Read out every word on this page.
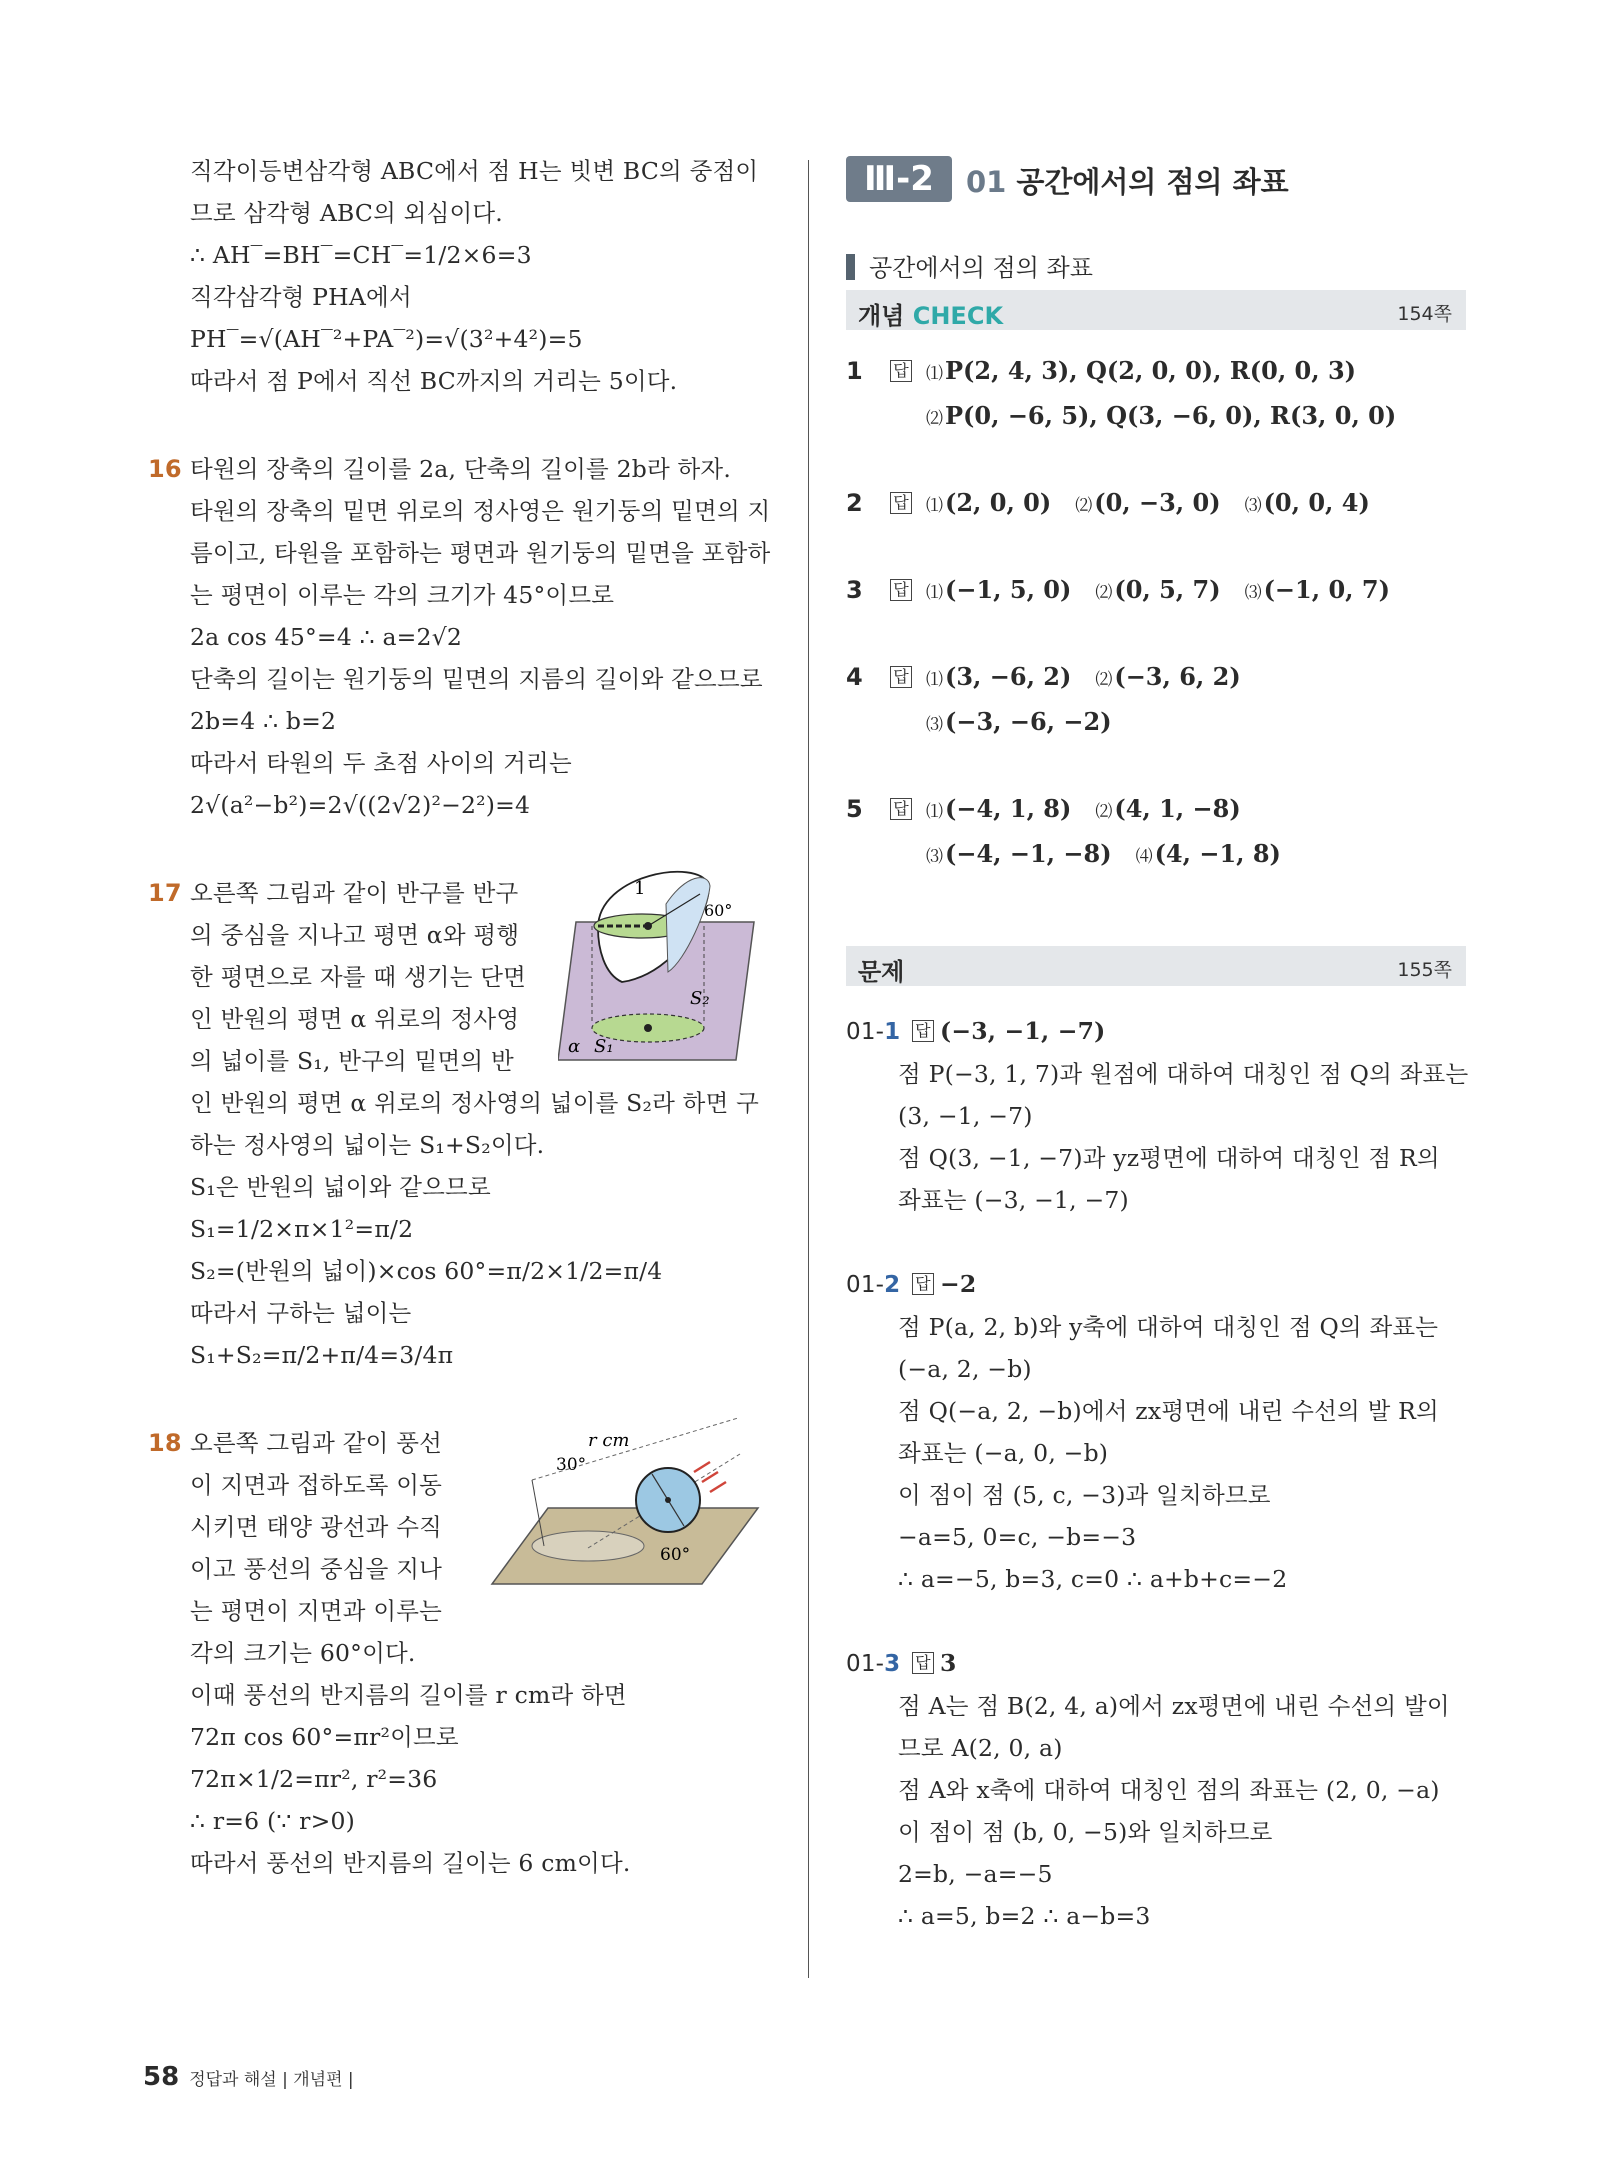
직각이등변삼각형 ABC에서 점 H는 빗변 BC의 중점이
므로 삼각형 ABC의 외심이다.
∴ AH‾=BH‾=CH‾=1/2×6=3
직각삼각형 PHA에서
PH‾=√(AH‾²+PA‾²)=√(3²+4²)=5
따라서 점 P에서 직선 BC까지의 거리는 5이다.
16 타원의 장축의 길이를 2a, 단축의 길이를 2b라 하자.
타원의 장축의 밑면 위로의 정사영은 원기둥의 밑면의 지
름이고, 타원을 포함하는 평면과 원기둥의 밑면을 포함하
는 평면이 이루는 각의 크기가 45°이므로
2a cos 45°=4 ∴ a=2√2
단축의 길이는 원기둥의 밑면의 지름의 길이와 같으므로
2b=4 ∴ b=2
따라서 타원의 두 초점 사이의 거리는
2√(a²−b²)=2√((2√2)²−2²)=4
17 오른쪽 그림과 같이 반구를 반구
의 중심을 지나고 평면 α와 평행
한 평면으로 자를 때 생기는 단면
인 반원의 평면 α 위로의 정사영
의 넓이를 S₁, 반구의 밑면의 반
인 반원의 평면 α 위로의 정사영의 넓이를 S₂라 하면 구
하는 정사영의 넓이는 S₁+S₂이다.
S₁은 반원의 넓이와 같으므로
S₁=1/2×π×1²=π/2
S₂=(반원의 넓이)×cos 60°=π/2×1/2=π/4
따라서 구하는 넓이는
S₁+S₂=π/2+π/4=3/4π
1
60°
S₂
α S₁
18 오른쪽 그림과 같이 풍선
이 지면과 접하도록 이동
시키면 태양 광선과 수직
이고 풍선의 중심을 지나
는 평면이 지면과 이루는
각의 크기는 60°이다.
이때 풍선의 반지름의 길이를 r cm라 하면
72π cos 60°=πr²이므로
72π×1/2=πr², r²=36
∴ r=6 (∵ r>0)
따라서 풍선의 반지름의 길이는 6 cm이다.
r cm
30°
60°
Ⅲ-2	01 공간에서의 점의 좌표
공간에서의 점의 좌표
개념 CHECK	154쪽
1 답 ⑴P(2, 4, 3), Q(2, 0, 0), R(0, 0, 3)
⑵P(0, −6, 5), Q(3, −6, 0), R(3, 0, 0)
2 답 ⑴(2, 0, 0) ⑵(0, −3, 0) ⑶(0, 0, 4)
3 답 ⑴(−1, 5, 0) ⑵(0, 5, 7) ⑶(−1, 0, 7)
4 답 ⑴(3, −6, 2) ⑵(−3, 6, 2)
⑶(−3, −6, −2)
5 답 ⑴(−4, 1, 8) ⑵(4, 1, −8)
⑶(−4, −1, −8) ⑷(4, −1, 8)
문제	155쪽
01-1 답 (−3, −1, −7)
점 P(−3, 1, 7)과 원점에 대하여 대칭인 점 Q의 좌표는
(3, −1, −7)
점 Q(3, −1, −7)과 yz평면에 대하여 대칭인 점 R의
좌표는 (−3, −1, −7)
01-2 답 −2
점 P(a, 2, b)와 y축에 대하여 대칭인 점 Q의 좌표는
(−a, 2, −b)
점 Q(−a, 2, −b)에서 zx평면에 내린 수선의 발 R의
좌표는 (−a, 0, −b)
이 점이 점 (5, c, −3)과 일치하므로
−a=5, 0=c, −b=−3
∴ a=−5, b=3, c=0 ∴ a+b+c=−2
01-3 답 3
점 A는 점 B(2, 4, a)에서 zx평면에 내린 수선의 발이
므로 A(2, 0, a)
점 A와 x축에 대하여 대칭인 점의 좌표는 (2, 0, −a)
이 점이 점 (b, 0, −5)와 일치하므로
2=b, −a=−5
∴ a=5, b=2 ∴ a−b=3
58 정답과 해설 | 개념편 |
